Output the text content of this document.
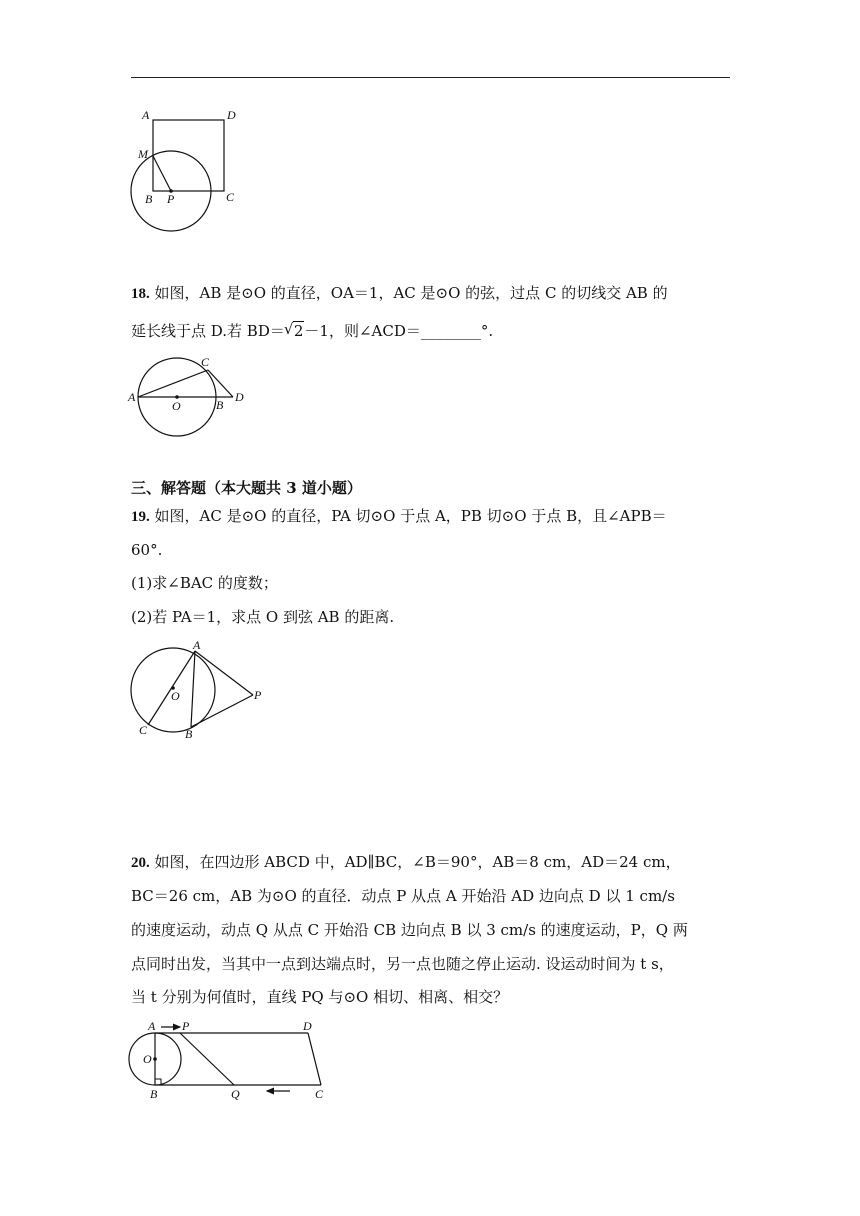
A	D
M
B P	C
18. 如图，AB 是⊙O 的直径，OA＝1，AC 是⊙O 的弦，过点 C 的切线交 AB 的
延长线于点 D.若 BD＝√ 2－1，则∠ACD＝________°.
A
C
O	B
D
三、解答题（本大题共 3 道小题）
19. 如图，AC 是⊙O 的直径，PA 切⊙O 于点 A，PB 切⊙O 于点 B，且∠APB＝
60°.
(1)求∠BAC 的度数；
(2)若 PA＝1，求点 O 到弦 AB 的距离.
A
O	P
C	B
20. 如图，在四边形 ABCD 中，AD∥BC，∠B＝90°，AB＝8 cm，AD＝24 cm，
BC＝26 cm，AB 为⊙O 的直径．动点 P 从点 A 开始沿 AD 边向点 D 以 1 cm/s
的速度运动，动点 Q 从点 C 开始沿 CB 边向点 B 以 3 cm/s 的速度运动，P，Q 两
点同时出发，当其中一点到达端点时，另一点也随之停止运动. 设运动时间为 t s，
当 t 分别为何值时，直线 PQ 与⊙O 相切、相离、相交？
A P	D
O
B	Q	C
